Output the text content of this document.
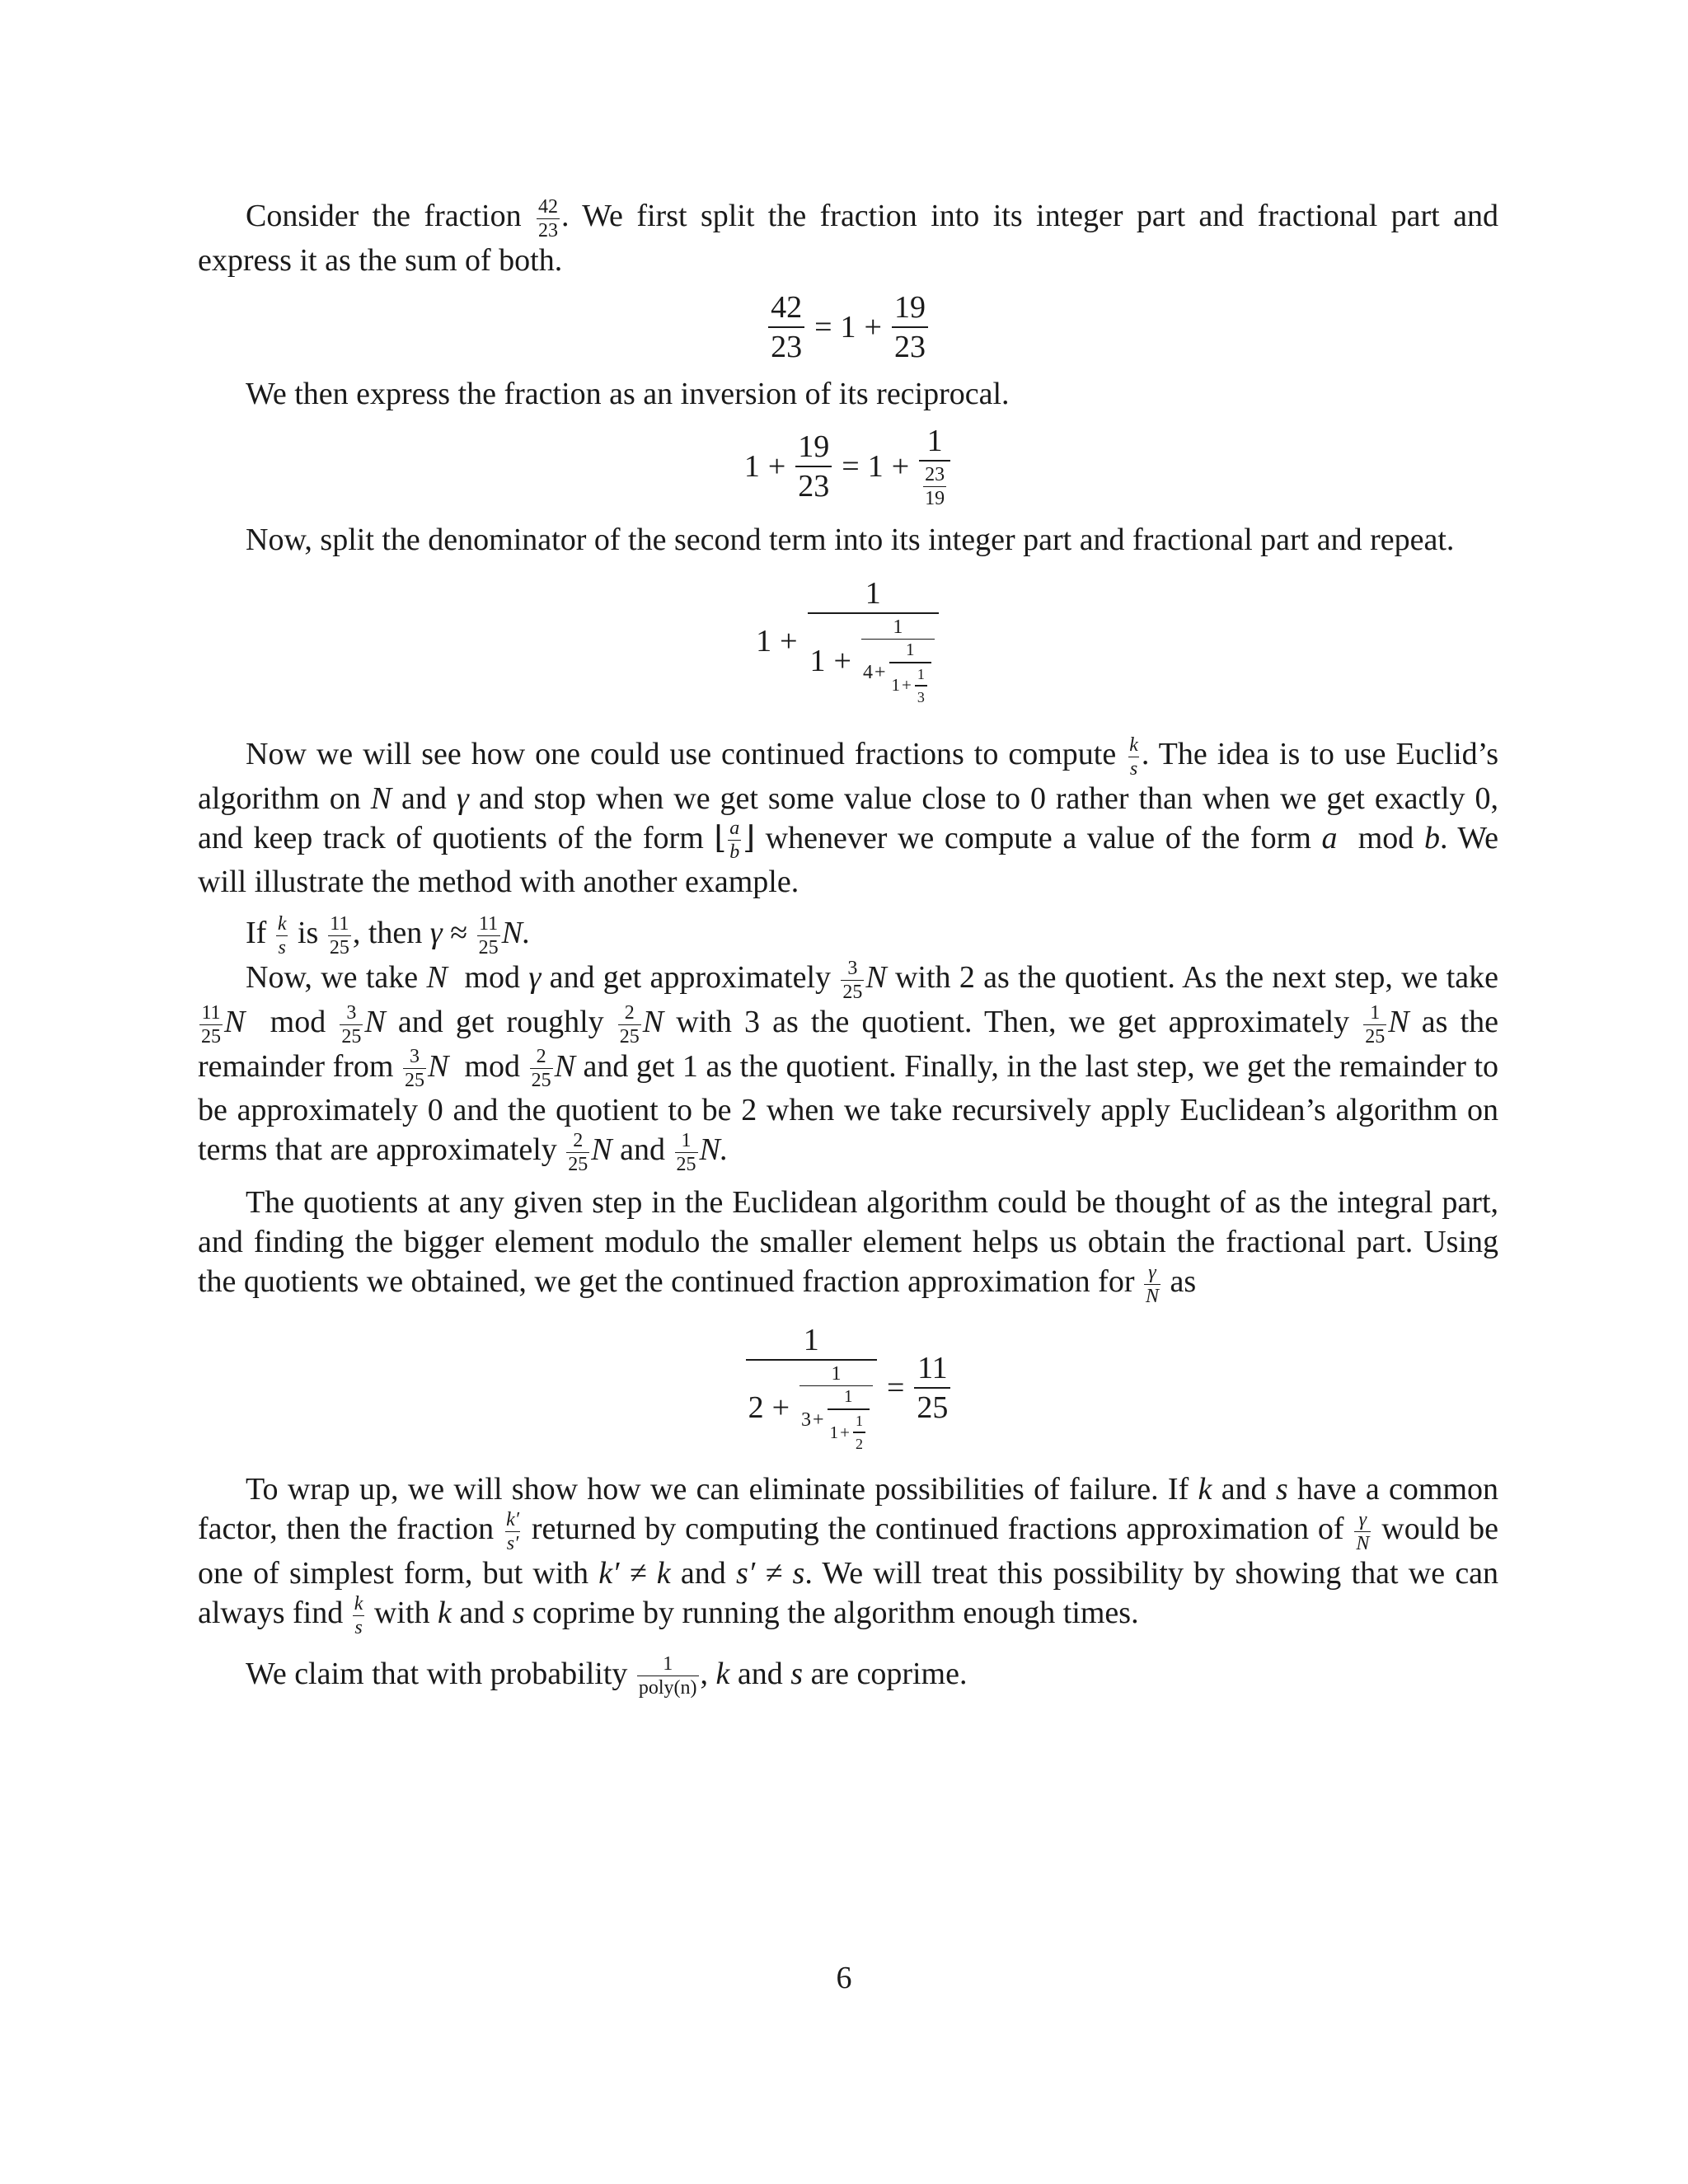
Consider the fraction $\frac{42}{23}$ . We first split the fraction into its integer part and fractional part and express it as the sum of both.

$\frac{42}{23} = 1 + \frac{19}{23}$

We then express the fraction as an inversion of its reciprocal.

$1 + \frac{19}{23} = 1 + \frac{1}{\frac{23}{19}}$

Now, split the denominator of the second term into its integer part and fractional part and repeat.

1 +
1
1 +
1
$4 + \frac{1}{1 + \frac{1}{3}}$

Now we will see how one could use continued fractions to compute $\frac{k}{s}$ . The idea is to use Euclid’s algorithm on N and γ and stop when we get some value close to 0 rather than when we get exactly 0, and keep track of quotients of the form ⌊ $\frac{a}{b}$ ⌋ whenever we compute a value of the form a mod b. We will illustrate the method with another example.

If $\frac{k}{s}$ is $\frac{11}{25}$ , then $\gamma \approx \frac{11}{25} N$.

Now, we take N mod γ and get approximately $\frac{3}{25}$ N with 2 as the quotient. As the next step, we take
$\frac{11}{25}$ N mod $\frac{3}{25}$ N and get roughly $\frac{2}{25}$ N with 3 as the quotient. Then, we get approximately $\frac{1}{25}$ N as the remainder from $\frac{3}{25}$ N mod $\frac{2}{25}$ N and get 1 as the quotient. Finally, in the last step, we get the remainder to be approximately 0 and the quotient to be 2 when we take recursively apply Euclidean’s algorithm on terms that are approximately $\frac{2}{25}$ N and $\frac{1}{25} N$.

The quotients at any given step in the Euclidean algorithm could be thought of as the integral part, and finding the bigger element modulo the smaller element helps us obtain the fractional part. Using the quotients we obtained, we get the continued fraction approximation for $\frac{\gamma}{N}$ as

1
2 +
1
$3 + \frac{1}{1 + \frac{1}{2}} = \frac{11}{25}$

To wrap up, we will show how we can eliminate possibilities of failure. If k and s have a common factor, then the fraction $\frac{k'}{s'}$ returned by computing the continued fractions approximation of $\frac{\gamma}{N}$ would be one of simplest form, but with k′ ≠ k and s′ ≠ s. We will treat this possibility by showing that we can always find $\frac{k}{s}$ with k and s coprime by running the algorithm enough times.

We claim that with probability 1
poly(n) , k and s are coprime.

6
